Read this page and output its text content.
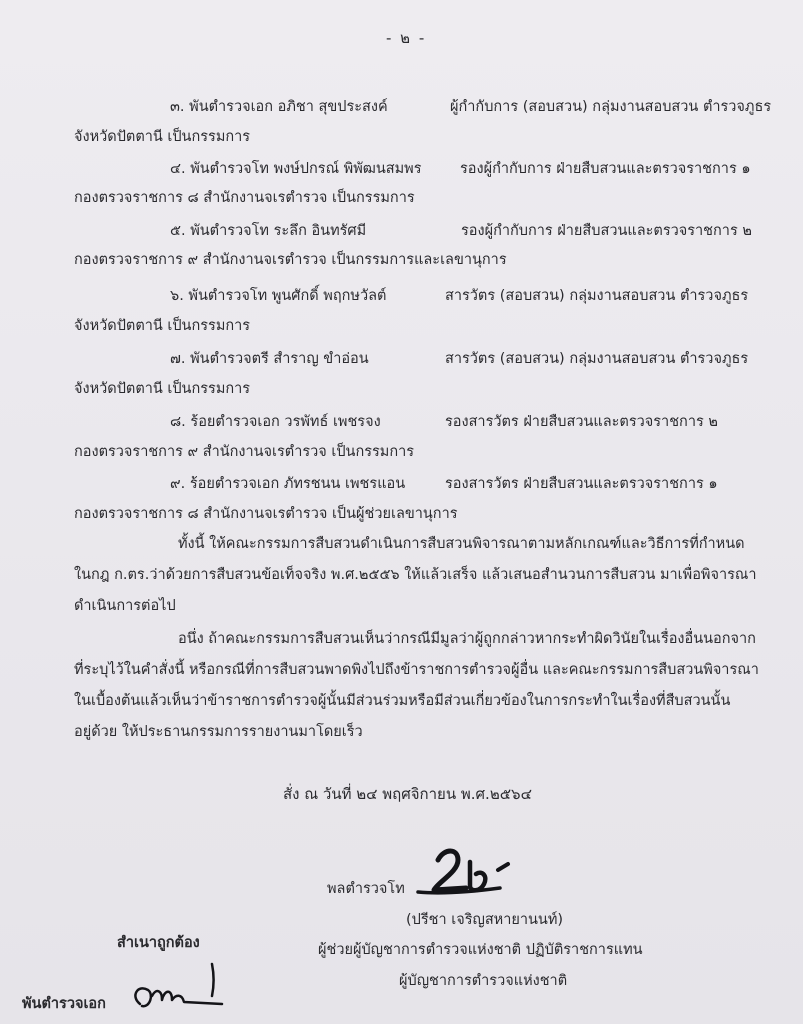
- ๒ -
๓. พันตำรวจเอก อภิชา สุขประสงค์	ผู้กำกับการ (สอบสวน) กลุ่มงานสอบสวน ตำรวจภูธร
จังหวัดปัตตานี เป็นกรรมการ
๔. พันตำรวจโท พงษ์ปกรณ์ พิพัฒนสมพร	รองผู้กำกับการ ฝ่ายสืบสวนและตรวจราชการ ๑
กองตรวจราชการ ๘ สำนักงานจเรตำรวจ เป็นกรรมการ
๕. พันตำรวจโท ระลึก อินทรัศมี	รองผู้กำกับการ ฝ่ายสืบสวนและตรวจราชการ ๒
กองตรวจราชการ ๙ สำนักงานจเรตำรวจ เป็นกรรมการและเลขานุการ
๖. พันตำรวจโท พูนศักดิ์ พฤกษวัลต์	สารวัตร (สอบสวน) กลุ่มงานสอบสวน ตำรวจภูธร
จังหวัดปัตตานี เป็นกรรมการ
๗. พันตำรวจตรี สำราญ ขำอ่อน	สารวัตร (สอบสวน) กลุ่มงานสอบสวน ตำรวจภูธร
จังหวัดปัตตานี เป็นกรรมการ
๘. ร้อยตำรวจเอก วรพัทธ์ เพชรจง	รองสารวัตร ฝ่ายสืบสวนและตรวจราชการ ๒
กองตรวจราชการ ๙ สำนักงานจเรตำรวจ เป็นกรรมการ
๙. ร้อยตำรวจเอก ภัทรชนน เพชรแอน	รองสารวัตร ฝ่ายสืบสวนและตรวจราชการ ๑
กองตรวจราชการ ๘ สำนักงานจเรตำรวจ เป็นผู้ช่วยเลขานุการ
ทั้งนี้ ให้คณะกรรมการสืบสวนดำเนินการสืบสวนพิจารณาตามหลักเกณฑ์และวิธีการที่กำหนด
ในกฎ ก.ตร.ว่าด้วยการสืบสวนข้อเท็จจริง พ.ศ.๒๕๕๖ ให้แล้วเสร็จ แล้วเสนอสำนวนการสืบสวน มาเพื่อพิจารณา
ดำเนินการต่อไป
อนึ่ง ถ้าคณะกรรมการสืบสวนเห็นว่ากรณีมีมูลว่าผู้ถูกกล่าวหากระทำผิดวินัยในเรื่องอื่นนอกจาก
ที่ระบุไว้ในคำสั่งนี้ หรือกรณีที่การสืบสวนพาดพิงไปถึงข้าราชการตำรวจผู้อื่น และคณะกรรมการสืบสวนพิจารณา
ในเบื้องต้นแล้วเห็นว่าข้าราชการตำรวจผู้นั้นมีส่วนร่วมหรือมีส่วนเกี่ยวข้องในการกระทำในเรื่องที่สืบสวนนั้น
อยู่ด้วย ให้ประธานกรรมการรายงานมาโดยเร็ว
สั่ง ณ วันที่ ๒๔ พฤศจิกายน พ.ศ.๒๕๖๔
พลตำรวจโท
(ปรีชา เจริญสหายานนท์)
ผู้ช่วยผู้บัญชาการตำรวจแห่งชาติ ปฏิบัติราชการแทน
ผู้บัญชาการตำรวจแห่งชาติ
สำเนาถูกต้อง
พันตำรวจเอก
